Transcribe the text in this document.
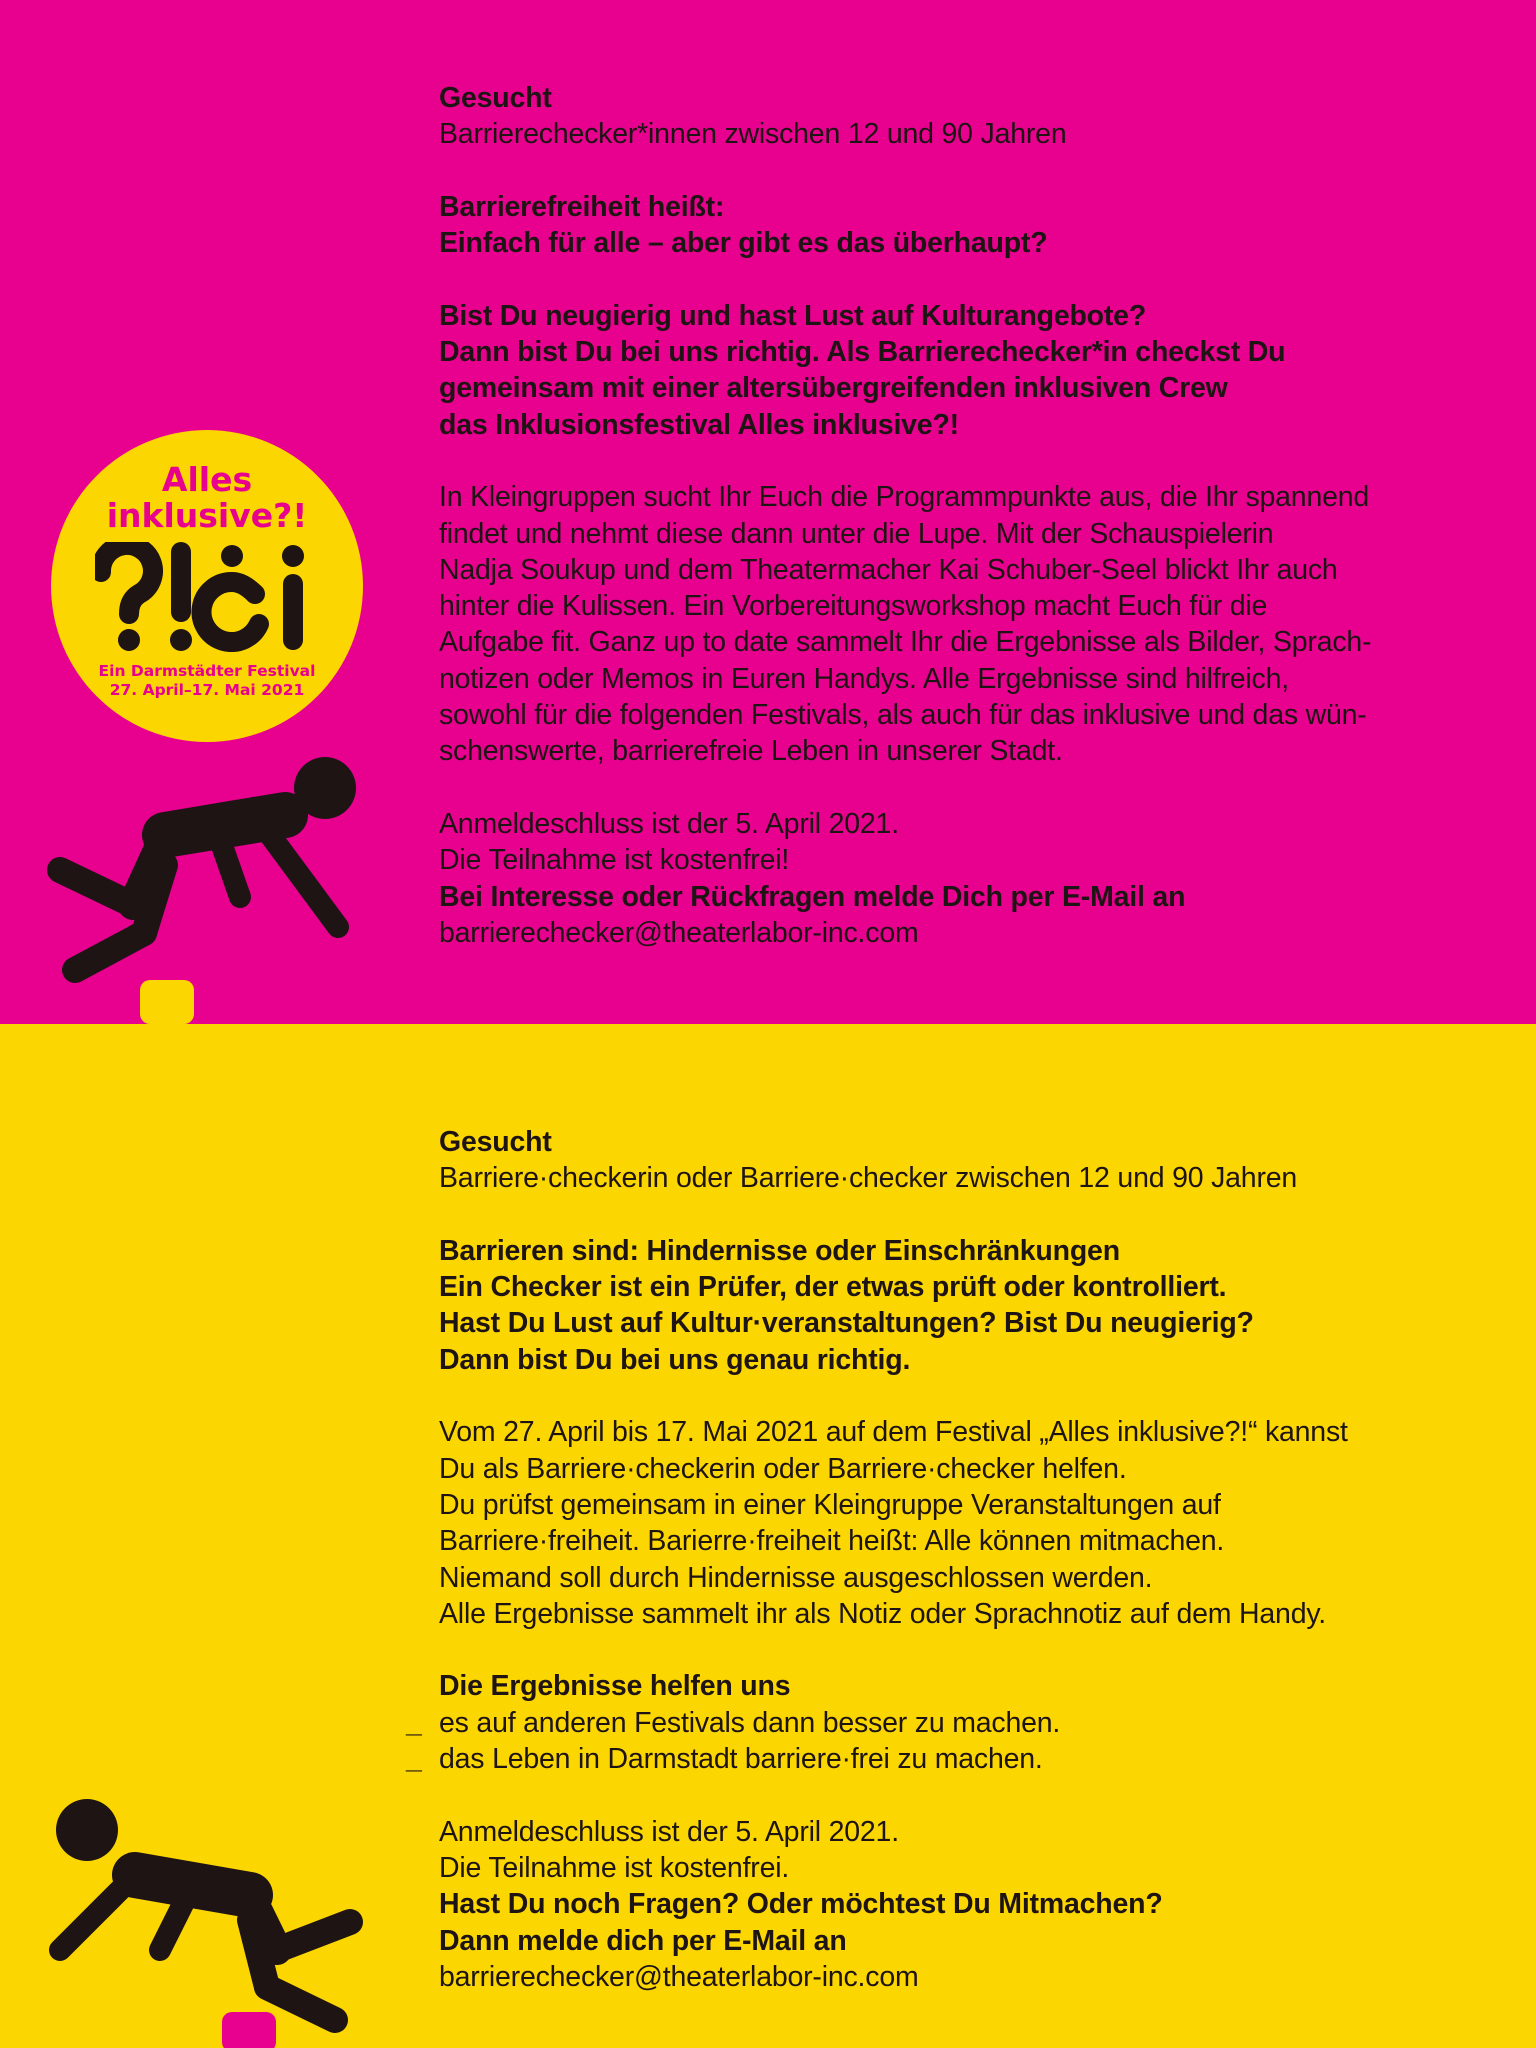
Alles
inklusive?!
Ein Darmstädter Festival
27. April–17. Mai 2021
Gesucht
Barrierechecker*innen zwischen 12 und 90 Jahren
Barrierefreiheit heißt:
Einfach für alle – aber gibt es das überhaupt?
Bist Du neugierig und hast Lust auf Kulturangebote?
Dann bist Du bei uns richtig. Als Barrierechecker*in checkst Du
gemeinsam mit einer altersübergreifenden inklusiven Crew
das Inklusionsfestival Alles inklusive?!
In Kleingruppen sucht Ihr Euch die Programmpunkte aus, die Ihr spannend
findet und nehmt diese dann unter die Lupe. Mit der Schauspielerin
Nadja Soukup und dem Theatermacher Kai Schuber-Seel blickt Ihr auch
hinter die Kulissen. Ein Vorbereitungsworkshop macht Euch für die
Aufgabe fit. Ganz up to date sammelt Ihr die Ergebnisse als Bilder, Sprach-
notizen oder Memos in Euren Handys. Alle Ergebnisse sind hilfreich,
sowohl für die folgenden Festivals, als auch für das inklusive und das wün-
schenswerte, barrierefreie Leben in unserer Stadt.
Anmeldeschluss ist der 5. April 2021.
Die Teilnahme ist kostenfrei!
Bei Interesse oder Rückfragen melde Dich per E-Mail an
barrierechecker@theaterlabor-inc.com
Gesucht
Barriere·checkerin oder Barriere·checker zwischen 12 und 90 Jahren
Barrieren sind: Hindernisse oder Einschränkungen
Ein Checker ist ein Prüfer, der etwas prüft oder kontrolliert.
Hast Du Lust auf Kultur·veranstaltungen? Bist Du neugierig?
Dann bist Du bei uns genau richtig.
Vom 27. April bis 17. Mai 2021 auf dem Festival „Alles inklusive?!“ kannst
Du als Barriere·checkerin oder Barriere·checker helfen.
Du prüfst gemeinsam in einer Kleingruppe Veranstaltungen auf
Barriere·freiheit. Barierre·freiheit heißt: Alle können mitmachen.
Niemand soll durch Hindernisse ausgeschlossen werden.
Alle Ergebnisse sammelt ihr als Notiz oder Sprachnotiz auf dem Handy.
Die Ergebnisse helfen uns
_ es auf anderen Festivals dann besser zu machen.
_ das Leben in Darmstadt barriere·frei zu machen.
Anmeldeschluss ist der 5. April 2021.
Die Teilnahme ist kostenfrei.
Hast Du noch Fragen? Oder möchtest Du Mitmachen?
Dann melde dich per E-Mail an
barrierechecker@theaterlabor-inc.com
